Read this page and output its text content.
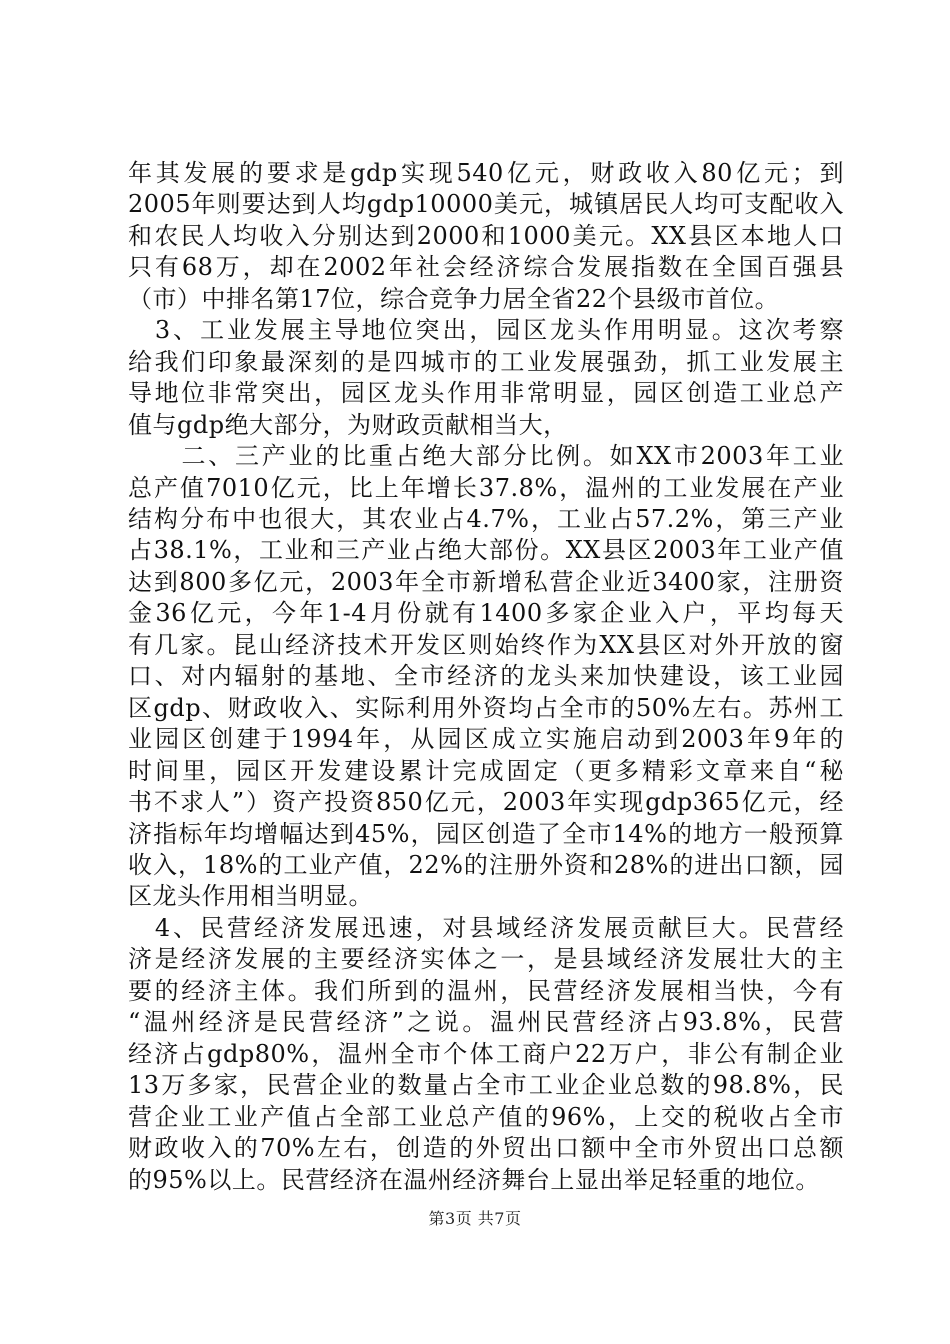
年其发展的要求是gdp实现540亿元，财政收入80亿元；到
2005年则要达到人均gdp10000美元，城镇居民人均可支配收入
和农民人均收入分别达到2000和1000美元。XX县区本地人口
只有68万，却在2002年社会经济综合发展指数在全国百强县
（市）中排名第17位，综合竞争力居全省22个县级市首位。
　3、工业发展主导地位突出，园区龙头作用明显。这次考察
给我们印象最深刻的是四城市的工业发展强劲，抓工业发展主
导地位非常突出，园区龙头作用非常明显，园区创造工业总产
值与gdp绝大部分，为财政贡献相当大，
　　二、三产业的比重占绝大部分比例。如XX市2003年工业
总产值7010亿元，比上年增长37.8%，温州的工业发展在产业
结构分布中也很大，其农业占4.7%，工业占57.2%，第三产业
占38.1%，工业和三产业占绝大部份。XX县区2003年工业产值
达到800多亿元，2003年全市新增私营企业近3400家，注册资
金36亿元，今年1-4月份就有1400多家企业入户，平均每天
有几家。昆山经济技术开发区则始终作为XX县区对外开放的窗
口、对内辐射的基地、全市经济的龙头来加快建设，该工业园
区gdp、财政收入、实际利用外资均占全市的50%左右。苏州工
业园区创建于1994年，从园区成立实施启动到2003年9年的
时间里，园区开发建设累计完成固定（更多精彩文章来自“秘
书不求人”）资产投资850亿元，2003年实现gdp365亿元，经
济指标年均增幅达到45%，园区创造了全市14%的地方一般预算
收入，18%的工业产值，22%的注册外资和28%的进出口额，园
区龙头作用相当明显。
　4、民营经济发展迅速，对县域经济发展贡献巨大。民营经
济是经济发展的主要经济实体之一，是县域经济发展壮大的主
要的经济主体。我们所到的温州，民营经济发展相当快，今有
“温州经济是民营经济”之说。温州民营经济占93.8%，民营
经济占gdp80%，温州全市个体工商户22万户，非公有制企业
13万多家，民营企业的数量占全市工业企业总数的98.8%，民
营企业工业产值占全部工业总产值的96%，上交的税收占全市
财政收入的70%左右，创造的外贸出口额中全市外贸出口总额
的95%以上。民营经济在温州经济舞台上显出举足轻重的地位。
第3页 共7页
